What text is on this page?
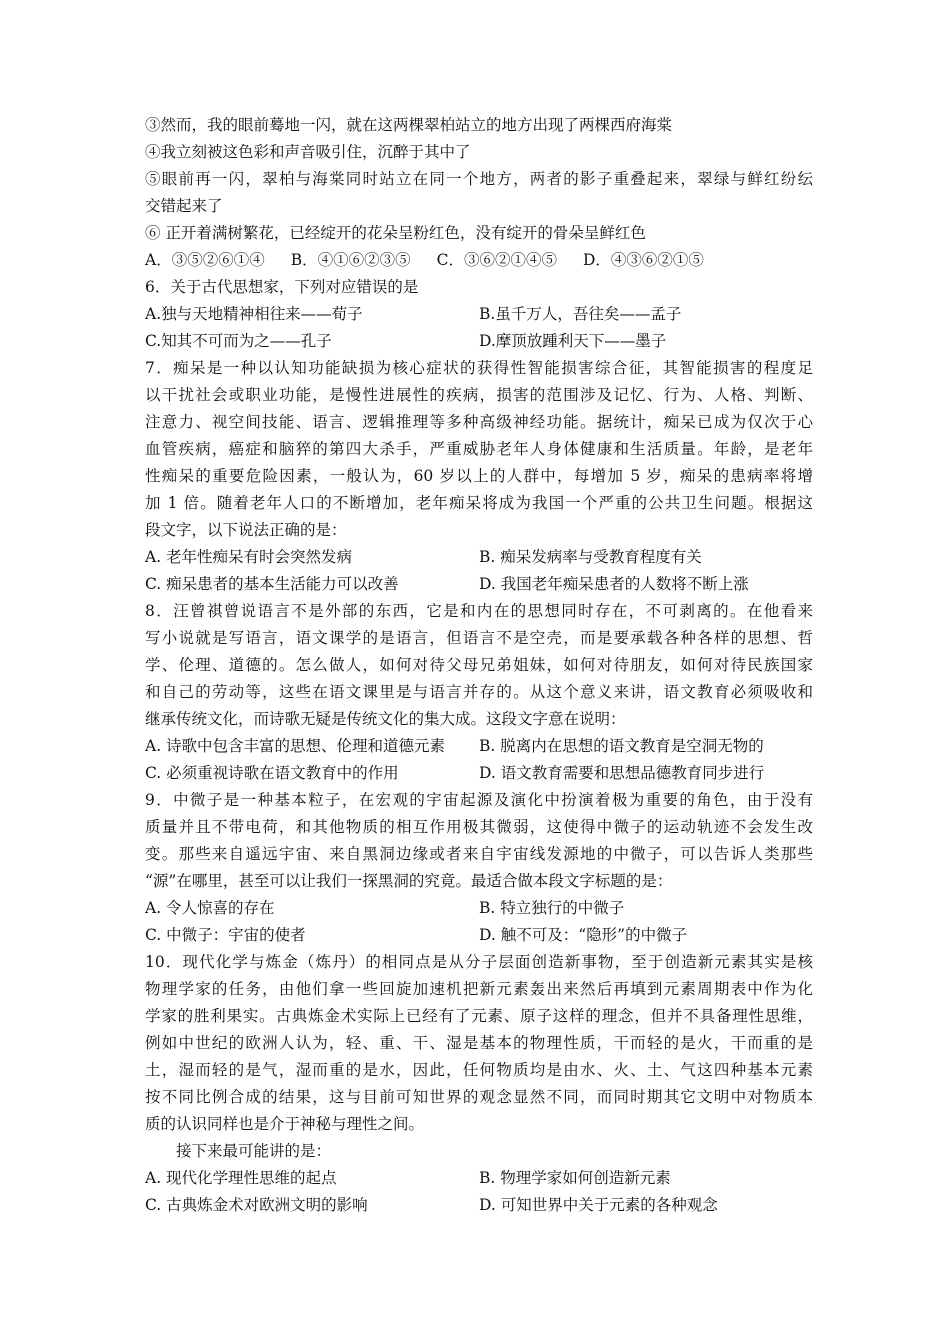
③然而，我的眼前蓦地一闪，就在这两棵翠柏站立的地方出现了两棵西府海棠
④我立刻被这色彩和声音吸引住，沉醉于其中了
⑤眼前再一闪，翠柏与海棠同时站立在同一个地方，两者的影子重叠起来，翠绿与鲜红纷纭
交错起来了
⑥ 正开着满树繁花，已经绽开的花朵呈粉红色，没有绽开的骨朵呈鲜红色
A．③⑤②⑥①④ B．④①⑥②③⑤ C．③⑥②①④⑤ D．④③⑥②①⑤
6．关于古代思想家，下列对应错误的是
A.独与天地精神相往来——荀子	B.虽千万人，吾往矣——孟子
C.知其不可而为之——孔子	D.摩顶放踵利天下——墨子
7．痴呆是一种以认知功能缺损为核心症状的获得性智能损害综合征，其智能损害的程度足
以干扰社会或职业功能，是慢性进展性的疾病，损害的范围涉及记忆、行为、人格、判断、
注意力、视空间技能、语言、逻辑推理等多种高级神经功能。据统计，痴呆已成为仅次于心
血管疾病，癌症和脑猝的第四大杀手，严重威胁老年人身体健康和生活质量。年龄，是老年
性痴呆的重要危险因素，一般认为，60 岁以上的人群中，每增加 5 岁，痴呆的患病率将增
加 1 倍。随着老年人口的不断增加，老年痴呆将成为我国一个严重的公共卫生问题。根据这
段文字，以下说法正确的是：
A. 老年性痴呆有时会突然发病	B. 痴呆发病率与受教育程度有关
C. 痴呆患者的基本生活能力可以改善	D. 我国老年痴呆患者的人数将不断上涨
8．汪曾祺曾说语言不是外部的东西，它是和内在的思想同时存在，不可剥离的。在他看来
写小说就是写语言，语文课学的是语言，但语言不是空壳，而是要承载各种各样的思想、哲
学、伦理、道德的。怎么做人，如何对待父母兄弟姐妹，如何对待朋友，如何对待民族国家
和自己的劳动等，这些在语文课里是与语言并存的。从这个意义来讲，语文教育必须吸收和
继承传统文化，而诗歌无疑是传统文化的集大成。这段文字意在说明：
A. 诗歌中包含丰富的思想、伦理和道德元素	B. 脱离内在思想的语文教育是空洞无物的
C. 必须重视诗歌在语文教育中的作用	D. 语文教育需要和思想品德教育同步进行
9．中微子是一种基本粒子，在宏观的宇宙起源及演化中扮演着极为重要的角色，由于没有
质量并且不带电荷，和其他物质的相互作用极其微弱，这使得中微子的运动轨迹不会发生改
变。那些来自遥远宇宙、来自黑洞边缘或者来自宇宙线发源地的中微子，可以告诉人类那些
“源”在哪里，甚至可以让我们一探黑洞的究竟。最适合做本段文字标题的是：
A. 令人惊喜的存在	B. 特立独行的中微子
C. 中微子：宇宙的使者	D. 触不可及：“隐形”的中微子
10．现代化学与炼金（炼丹）的相同点是从分子层面创造新事物，至于创造新元素其实是核
物理学家的任务，由他们拿一些回旋加速机把新元素轰出来然后再填到元素周期表中作为化
学家的胜利果实。古典炼金术实际上已经有了元素、原子这样的理念，但并不具备理性思维，
例如中世纪的欧洲人认为，轻、重、干、湿是基本的物理性质，干而轻的是火，干而重的是
土，湿而轻的是气，湿而重的是水，因此，任何物质均是由水、火、土、气这四种基本元素
按不同比例合成的结果，这与目前可知世界的观念显然不同，而同时期其它文明中对物质本
质的认识同样也是介于神秘与理性之间。
接下来最可能讲的是：
A. 现代化学理性思维的起点	B. 物理学家如何创造新元素
C. 古典炼金术对欧洲文明的影响	D. 可知世界中关于元素的各种观念
